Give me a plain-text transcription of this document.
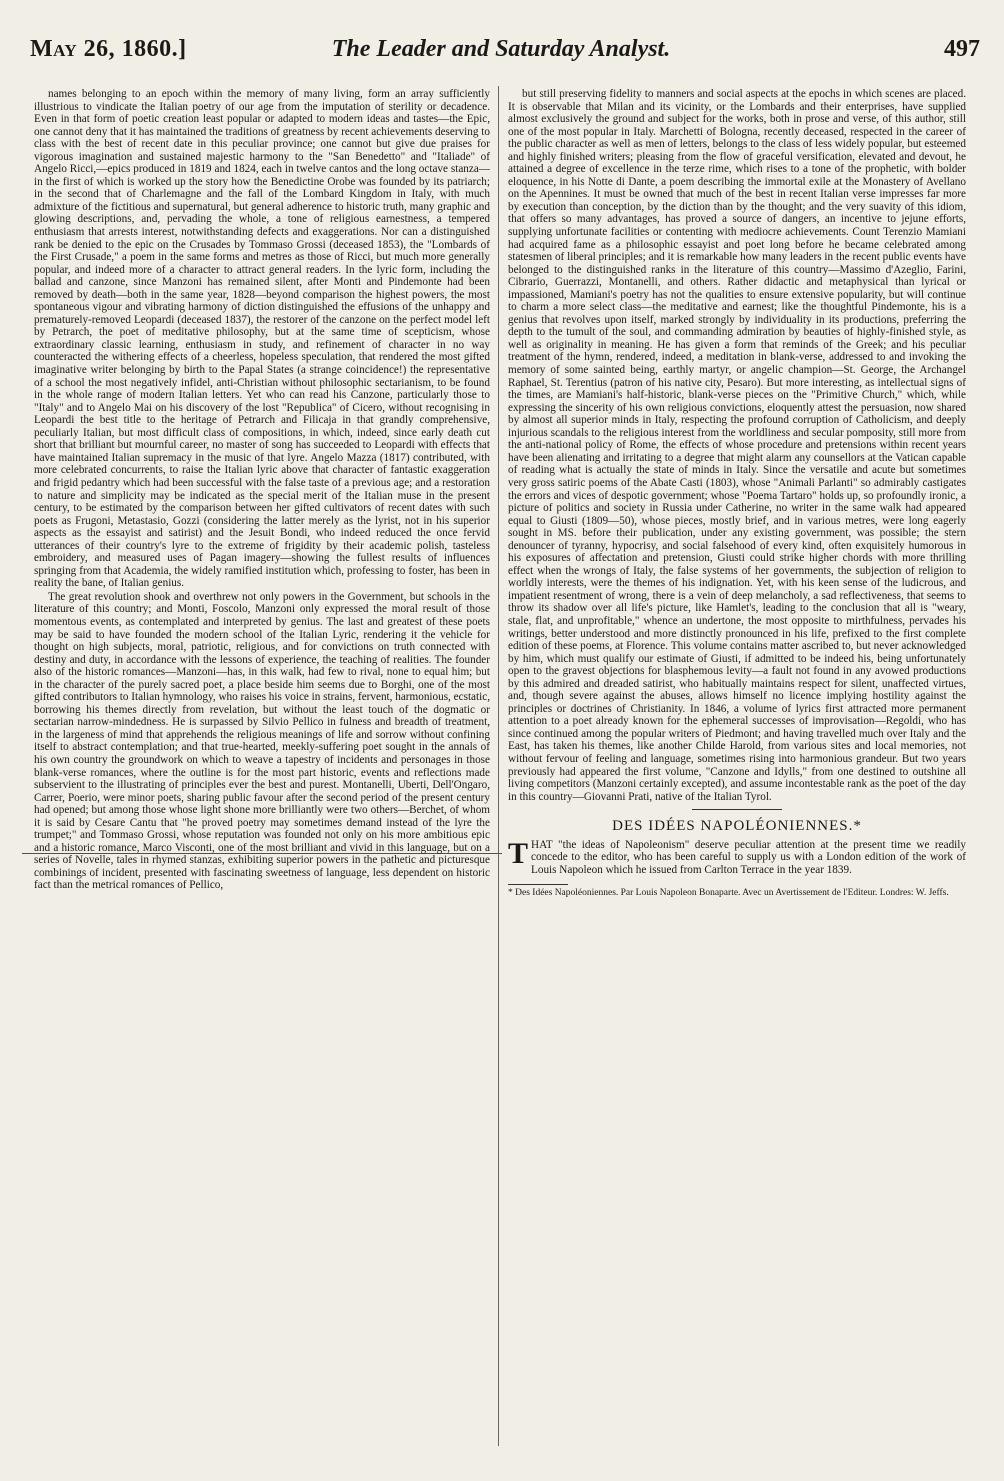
May 26, 1860.]	The Leader and Saturday Analyst.	497

names belonging to an epoch within the memory of many living, form an array sufficiently illustrious to vindicate the Italian poetry of our age from the imputation of sterility or decadence. Even in that form of poetic creation least popular or adapted to modern ideas and tastes—the Epic, one cannot deny that it has maintained the traditions of greatness by recent achievements deserving to class with the best of recent date in this peculiar province; one cannot but give due praises for vigorous imagination and sustained majestic harmony to the "San Benedetto" and "Italiade" of Angelo Ricci,—epics produced in 1819 and 1824, each in twelve cantos and the long octave stanza—in the first of which is worked up the story how the Benedictine Orobe was founded by its patriarch; in the second that of Charlemagne and the fall of the Lombard Kingdom in Italy, with much admixture of the fictitious and supernatural, but general adherence to historic truth, many graphic and glowing descriptions, and, pervading the whole, a tone of religious earnestness, a tempered enthusiasm that arrests interest, notwithstanding defects and exaggerations. Nor can a distinguished rank be denied to the epic on the Crusades by Tommaso Grossi (deceased 1853), the "Lombards of the First Crusade," a poem in the same forms and metres as those of Ricci, but much more generally popular, and indeed more of a character to attract general readers. In the lyric form, including the ballad and canzone, since Manzoni has remained silent, after Monti and Pindemonte had been removed by death—both in the same year, 1828—beyond comparison the highest powers, the most spontaneous vigour and vibrating harmony of diction distinguished the effusions of the unhappy and prematurely-removed Leopardi (deceased 1837), the restorer of the canzone on the perfect model left by Petrarch, the poet of meditative philosophy, but at the same time of scepticism, whose extraordinary classic learning, enthusiasm in study, and refinement of character in no way counteracted the withering effects of a cheerless, hopeless speculation, that rendered the most gifted imaginative writer belonging by birth to the Papal States (a strange coincidence!) the representative of a school the most negatively infidel, anti-Christian without philosophic sectarianism, to be found in the whole range of modern Italian letters. Yet who can read his Canzone, particularly those to "Italy" and to Angelo Mai on his discovery of the lost "Republica" of Cicero, without recognising in Leopardi the best title to the heritage of Petrarch and Filicaja in that grandly comprehensive, peculiarly Italian, but most difficult class of compositions, in which, indeed, since early death cut short that brilliant but mournful career, no master of song has succeeded to Leopardi with effects that have maintained Italian supremacy in the music of that lyre. Angelo Mazza (1817) contributed, with more celebrated concurrents, to raise the Italian lyric above that character of fantastic exaggeration and frigid pedantry which had been successful with the false taste of a previous age; and a restoration to nature and simplicity may be indicated as the special merit of the Italian muse in the present century, to be estimated by the comparison between her gifted cultivators of recent dates with such poets as Frugoni, Metastasio, Gozzi (considering the latter merely as the lyrist, not in his superior aspects as the essayist and satirist) and the Jesuit Bondi, who indeed reduced the once fervid utterances of their country's lyre to the extreme of frigidity by their academic polish, tasteless embroidery, and measured uses of Pagan imagery—showing the fullest results of influences springing from that Academia, the widely ramified institution which, professing to foster, has been in reality the bane, of Italian genius.

The great revolution shook and overthrew not only powers in the Government, but schools in the literature of this country; and Monti, Foscolo, Manzoni only expressed the moral result of those momentous events, as contemplated and interpreted by genius. The last and greatest of these poets may be said to have founded the modern school of the Italian Lyric, rendering it the vehicle for thought on high subjects, moral, patriotic, religious, and for convictions on truth connected with destiny and duty, in accordance with the lessons of experience, the teaching of realities. The founder also of the historic romances—Manzoni—has, in this walk, had few to rival, none to equal him; but in the character of the purely sacred poet, a place beside him seems due to Borghi, one of the most gifted contributors to Italian hymnology, who raises his voice in strains, fervent, harmonious, ecstatic, borrowing his themes directly from revelation, but without the least touch of the dogmatic or sectarian narrow-mindedness. He is surpassed by Silvio Pellico in fulness and breadth of treatment, in the largeness of mind that apprehends the religious meanings of life and sorrow without confining itself to abstract contemplation; and that true-hearted, meekly-suffering poet sought in the annals of his own country the groundwork on which to weave a tapestry of incidents and personages in those blank-verse romances, where the outline is for the most part historic, events and reflections made subservient to the illustrating of principles ever the best and purest. Montanelli, Uberti, Dell'Ongaro, Carrer, Poerio, were minor poets, sharing public favour after the second period of the present century had opened; but among those whose light shone more brilliantly were two others—Berchet, of whom it is said by Cesare Cantu that "he proved poetry may sometimes demand instead of the lyre the trumpet;" and Tommaso Grossi, whose reputation was founded not only on his more ambitious epic and a historic romance, Marco Visconti, one of the most brilliant and vivid in this language, but on a series of Novelle, tales in rhymed stanzas, exhibiting superior powers in the pathetic and picturesque combinings of incident, presented with fascinating sweetness of language, less dependent on historic fact than the metrical romances of Pellico,

but still preserving fidelity to manners and social aspects at the epochs in which scenes are placed. It is observable that Milan and its vicinity, or the Lombards and their enterprises, have supplied almost exclusively the ground and subject for the works, both in prose and verse, of this author, still one of the most popular in Italy. Marchetti of Bologna, recently deceased, respected in the career of the public character as well as men of letters, belongs to the class of less widely popular, but esteemed and highly finished writers; pleasing from the flow of graceful versification, elevated and devout, he attained a degree of excellence in the terze rime, which rises to a tone of the prophetic, with bolder eloquence, in his Notte di Dante, a poem describing the immortal exile at the Monastery of Avellano on the Apennines. It must be owned that much of the best in recent Italian verse impresses far more by execution than conception, by the diction than by the thought; and the very suavity of this idiom, that offers so many advantages, has proved a source of dangers, an incentive to jejune efforts, supplying unfortunate facilities or contenting with mediocre achievements. Count Terenzio Mamiani had acquired fame as a philosophic essayist and poet long before he became celebrated among statesmen of liberal principles; and it is remarkable how many leaders in the recent public events have belonged to the distinguished ranks in the literature of this country—Massimo d'Azeglio, Farini, Cibrario, Guerrazzi, Montanelli, and others. Rather didactic and metaphysical than lyrical or impassioned, Mamiani's poetry has not the qualities to ensure extensive popularity, but will continue to charm a more select class—the meditative and earnest; like the thoughtful Pindemonte, his is a genius that revolves upon itself, marked strongly by individuality in its productions, preferring the depth to the tumult of the soul, and commanding admiration by beauties of highly-finished style, as well as originality in meaning. He has given a form that reminds of the Greek; and his peculiar treatment of the hymn, rendered, indeed, a meditation in blank-verse, addressed to and invoking the memory of some sainted being, earthly martyr, or angelic champion—St. George, the Archangel Raphael, St. Terentius (patron of his native city, Pesaro). But more interesting, as intellectual signs of the times, are Mamiani's half-historic, blank-verse pieces on the "Primitive Church," which, while expressing the sincerity of his own religious convictions, eloquently attest the persuasion, now shared by almost all superior minds in Italy, respecting the profound corruption of Catholicism, and deeply injurious scandals to the religious interest from the worldliness and secular pomposity, still more from the anti-national policy of Rome, the effects of whose procedure and pretensions within recent years have been alienating and irritating to a degree that might alarm any counsellors at the Vatican capable of reading what is actually the state of minds in Italy. Since the versatile and acute but sometimes very gross satiric poems of the Abate Casti (1803), whose "Animali Parlanti" so admirably castigates the errors and vices of despotic government; whose "Poema Tartaro" holds up, so profoundly ironic, a picture of politics and society in Russia under Catherine, no writer in the same walk had appeared equal to Giusti (1809—50), whose pieces, mostly brief, and in various metres, were long eagerly sought in MS. before their publication, under any existing government, was possible; the stern denouncer of tyranny, hypocrisy, and social falsehood of every kind, often exquisitely humorous in his exposures of affectation and pretension, Giusti could strike higher chords with more thrilling effect when the wrongs of Italy, the false systems of her governments, the subjection of religion to worldly interests, were the themes of his indignation. Yet, with his keen sense of the ludicrous, and impatient resentment of wrong, there is a vein of deep melancholy, a sad reflectiveness, that seems to throw its shadow over all life's picture, like Hamlet's, leading to the conclusion that all is "weary, stale, flat, and unprofitable," whence an undertone, the most opposite to mirthfulness, pervades his writings, better understood and more distinctly pronounced in his life, prefixed to the first complete edition of these poems, at Florence. This volume contains matter ascribed to, but never acknowledged by him, which must qualify our estimate of Giusti, if admitted to be indeed his, being unfortunately open to the gravest objections for blasphemous levity—a fault not found in any avowed productions by this admired and dreaded satirist, who habitually maintains respect for silent, unaffected virtues, and, though severe against the abuses, allows himself no licence implying hostility against the principles or doctrines of Christianity. In 1846, a volume of lyrics first attracted more permanent attention to a poet already known for the ephemeral successes of improvisation—Regoldi, who has since continued among the popular writers of Piedmont; and having travelled much over Italy and the East, has taken his themes, like another Childe Harold, from various sites and local memories, not without fervour of feeling and language, sometimes rising into harmonious grandeur. But two years previously had appeared the first volume, "Canzone and Idylls," from one destined to outshine all living competitors (Manzoni certainly excepted), and assume incontestable rank as the poet of the day in this country—Giovanni Prati, native of the Italian Tyrol.

DES IDÉES NAPOLÉONIENNES.*

THAT "the ideas of Napoleonism" deserve peculiar attention at the present time we readily concede to the editor, who has been careful to supply us with a London edition of the work of Louis Napoleon which he issued from Carlton Terrace in the year 1839.

* Des Idées Napoléoniennes. Par Louis Napoleon Bonaparte. Avec un Avertissement de l'Editeur. Londres: W. Jeffs.
